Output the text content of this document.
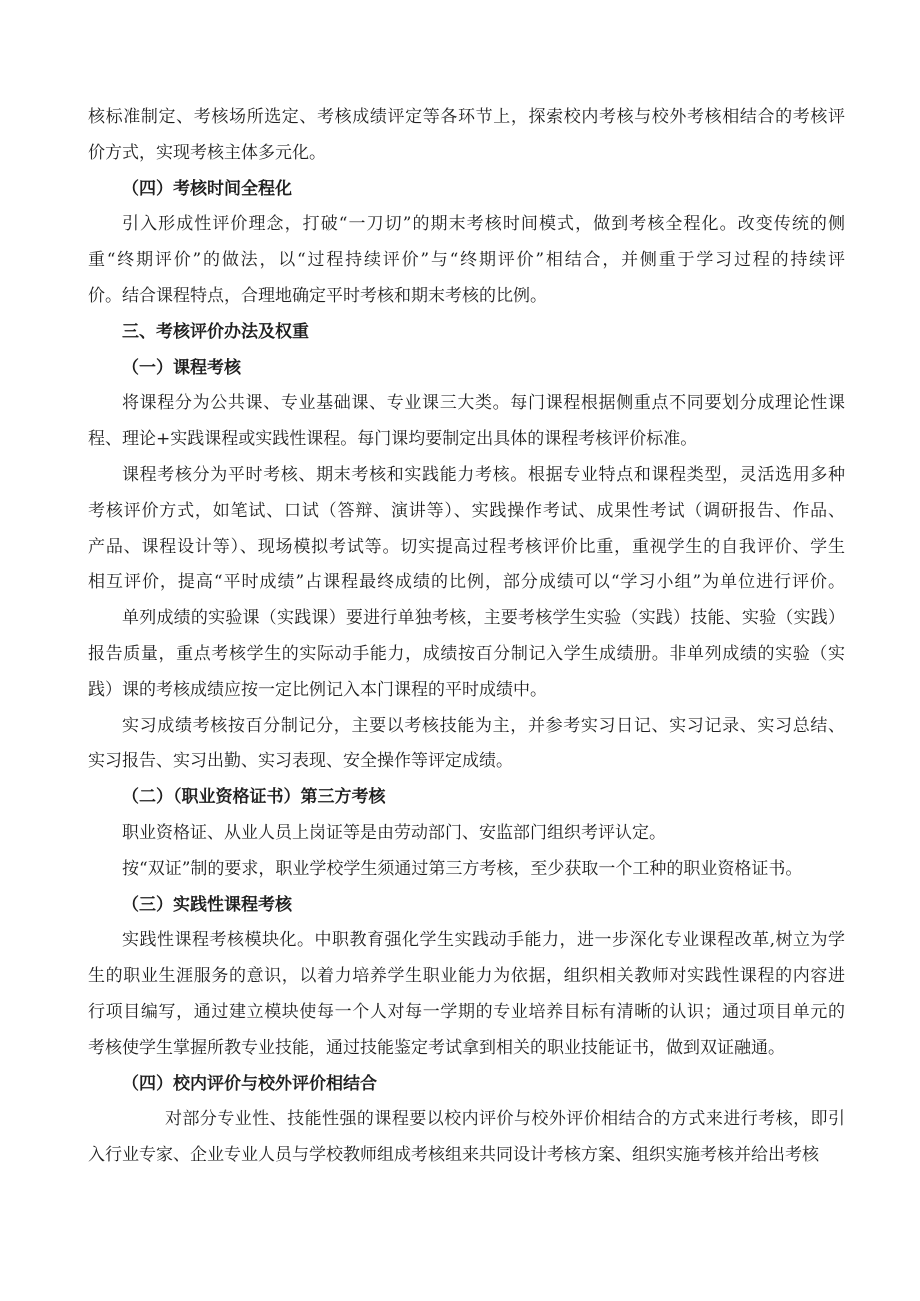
核标准制定、考核场所选定、考核成绩评定等各环节上，探索校内考核与校外考核相结合的考核评
价方式，实现考核主体多元化。
（四）考核时间全程化
引入形成性评价理念，打破“一刀切”的期末考核时间模式，做到考核全程化。改变传统的侧
重“终期评价”的做法，以“过程持续评价”与“终期评价”相结合，并侧重于学习过程的持续评
价。结合课程特点，合理地确定平时考核和期末考核的比例。
三、考核评价办法及权重
（一）课程考核
将课程分为公共课、专业基础课、专业课三大类。每门课程根据侧重点不同要划分成理论性课
程、理论+实践课程或实践性课程。每门课均要制定出具体的课程考核评价标准。
课程考核分为平时考核、期末考核和实践能力考核。根据专业特点和课程类型，灵活选用多种
考核评价方式，如笔试、口试（答辩、演讲等）、实践操作考试、成果性考试（调研报告、作品、
产品、课程设计等）、现场模拟考试等。切实提高过程考核评价比重，重视学生的自我评价、学生
相互评价，提高“平时成绩”占课程最终成绩的比例，部分成绩可以“学习小组”为单位进行评价。
单列成绩的实验课（实践课）要进行单独考核，主要考核学生实验（实践）技能、实验（实践）
报告质量，重点考核学生的实际动手能力，成绩按百分制记入学生成绩册。非单列成绩的实验（实
践）课的考核成绩应按一定比例记入本门课程的平时成绩中。
实习成绩考核按百分制记分，主要以考核技能为主，并参考实习日记、实习记录、实习总结、
实习报告、实习出勤、实习表现、安全操作等评定成绩。
（二）（职业资格证书）第三方考核
职业资格证、从业人员上岗证等是由劳动部门、安监部门组织考评认定。
按“双证”制的要求，职业学校学生须通过第三方考核，至少获取一个工种的职业资格证书。
（三）实践性课程考核
实践性课程考核模块化。中职教育强化学生实践动手能力，进一步深化专业课程改革,树立为学
生的职业生涯服务的意识，以着力培养学生职业能力为依据，组织相关教师对实践性课程的内容进
行项目编写，通过建立模块使每一个人对每一学期的专业培养目标有清晰的认识；通过项目单元的
考核使学生掌握所教专业技能，通过技能鉴定考试拿到相关的职业技能证书，做到双证融通。
（四）校内评价与校外评价相结合
对部分专业性、技能性强的课程要以校内评价与校外评价相结合的方式来进行考核，即引
入行业专家、企业专业人员与学校教师组成考核组来共同设计考核方案、组织实施考核并给出考核
